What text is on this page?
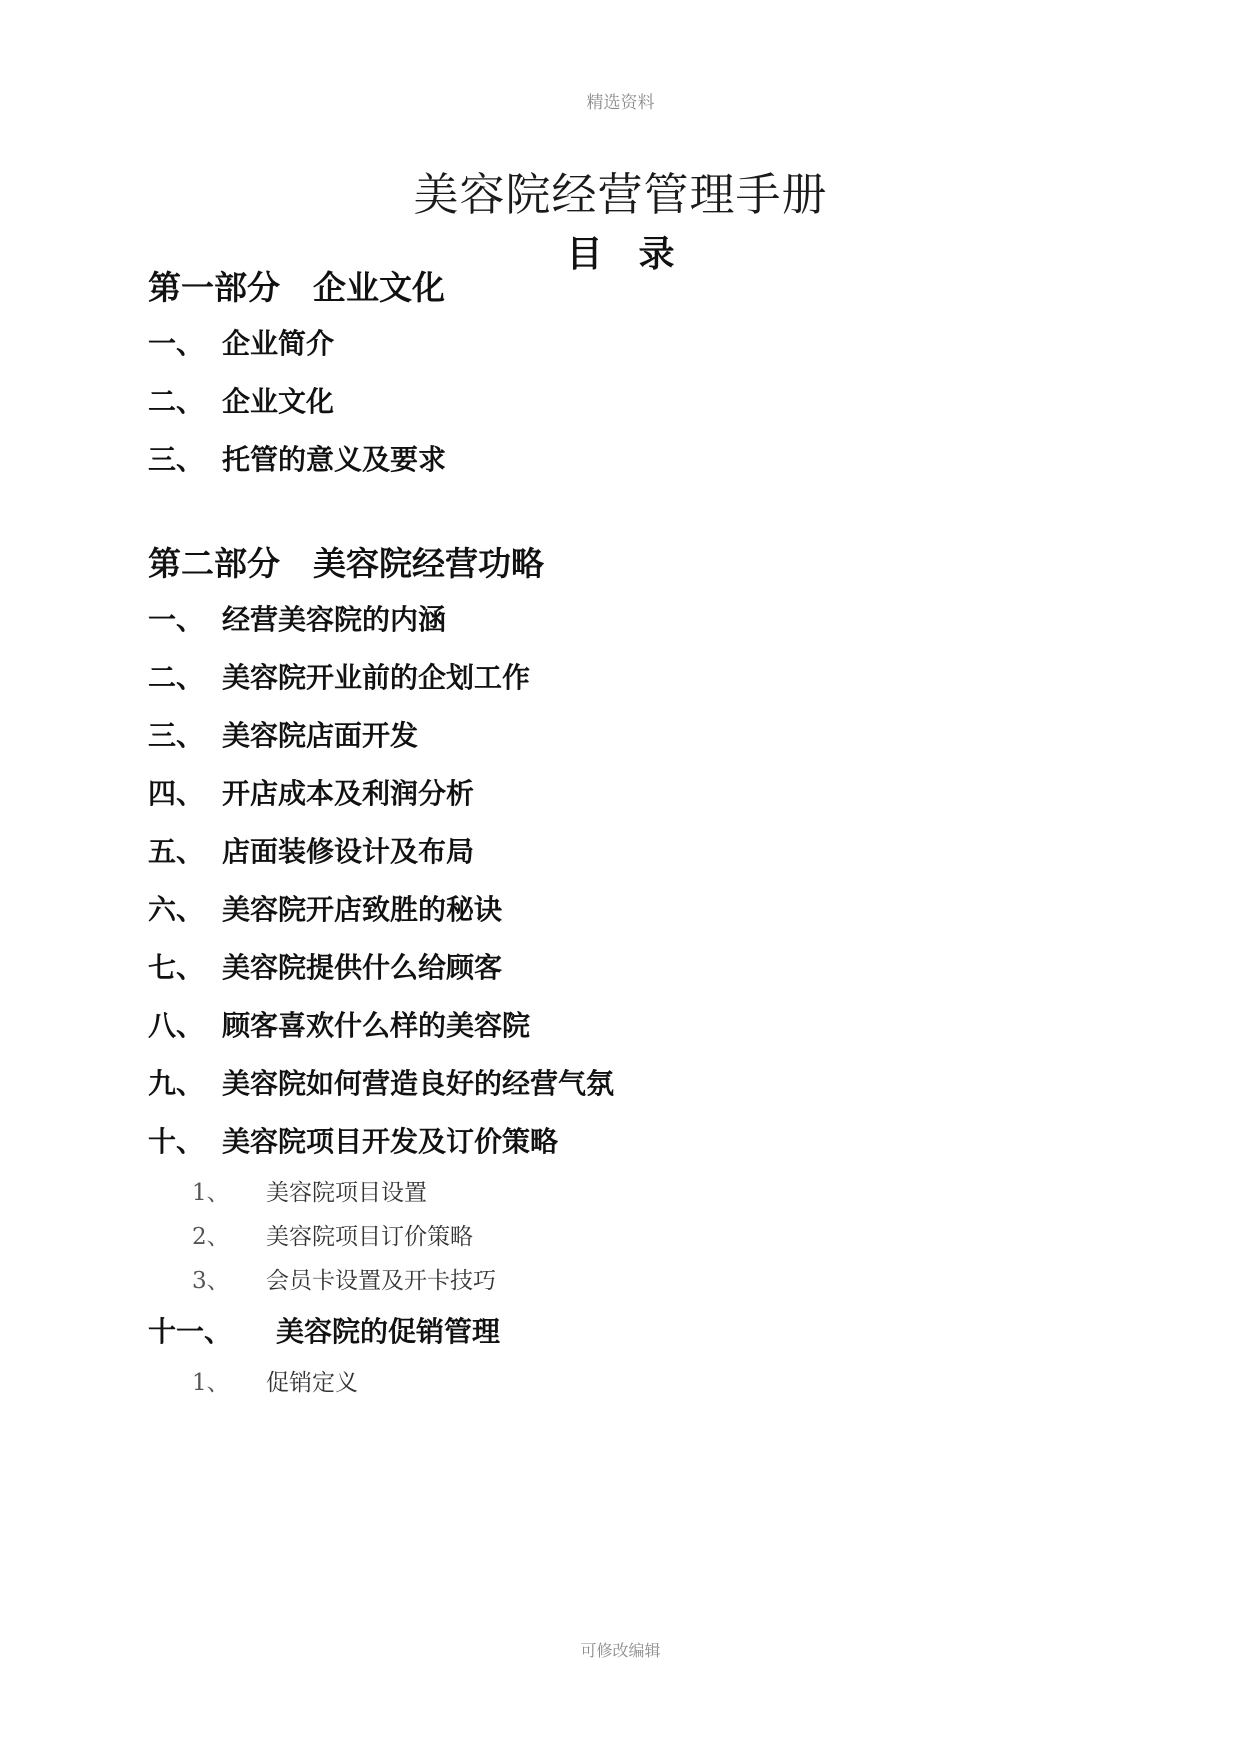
精选资料
美容院经营管理手册
目 录
第一部分 企业文化
一、 企业简介
二、 企业文化
三、 托管的意义及要求
第二部分 美容院经营功略
一、 经营美容院的内涵
二、 美容院开业前的企划工作
三、 美容院店面开发
四、 开店成本及利润分析
五、 店面装修设计及布局
六、 美容院开店致胜的秘诀
七、 美容院提供什么给顾客
八、 顾客喜欢什么样的美容院
九、 美容院如何营造良好的经营气氛
十、 美容院项目开发及订价策略
1、 美容院项目设置
2、 美容院项目订价策略
3、 会员卡设置及开卡技巧
十一、 美容院的促销管理
1、 促销定义
可修改编辑
